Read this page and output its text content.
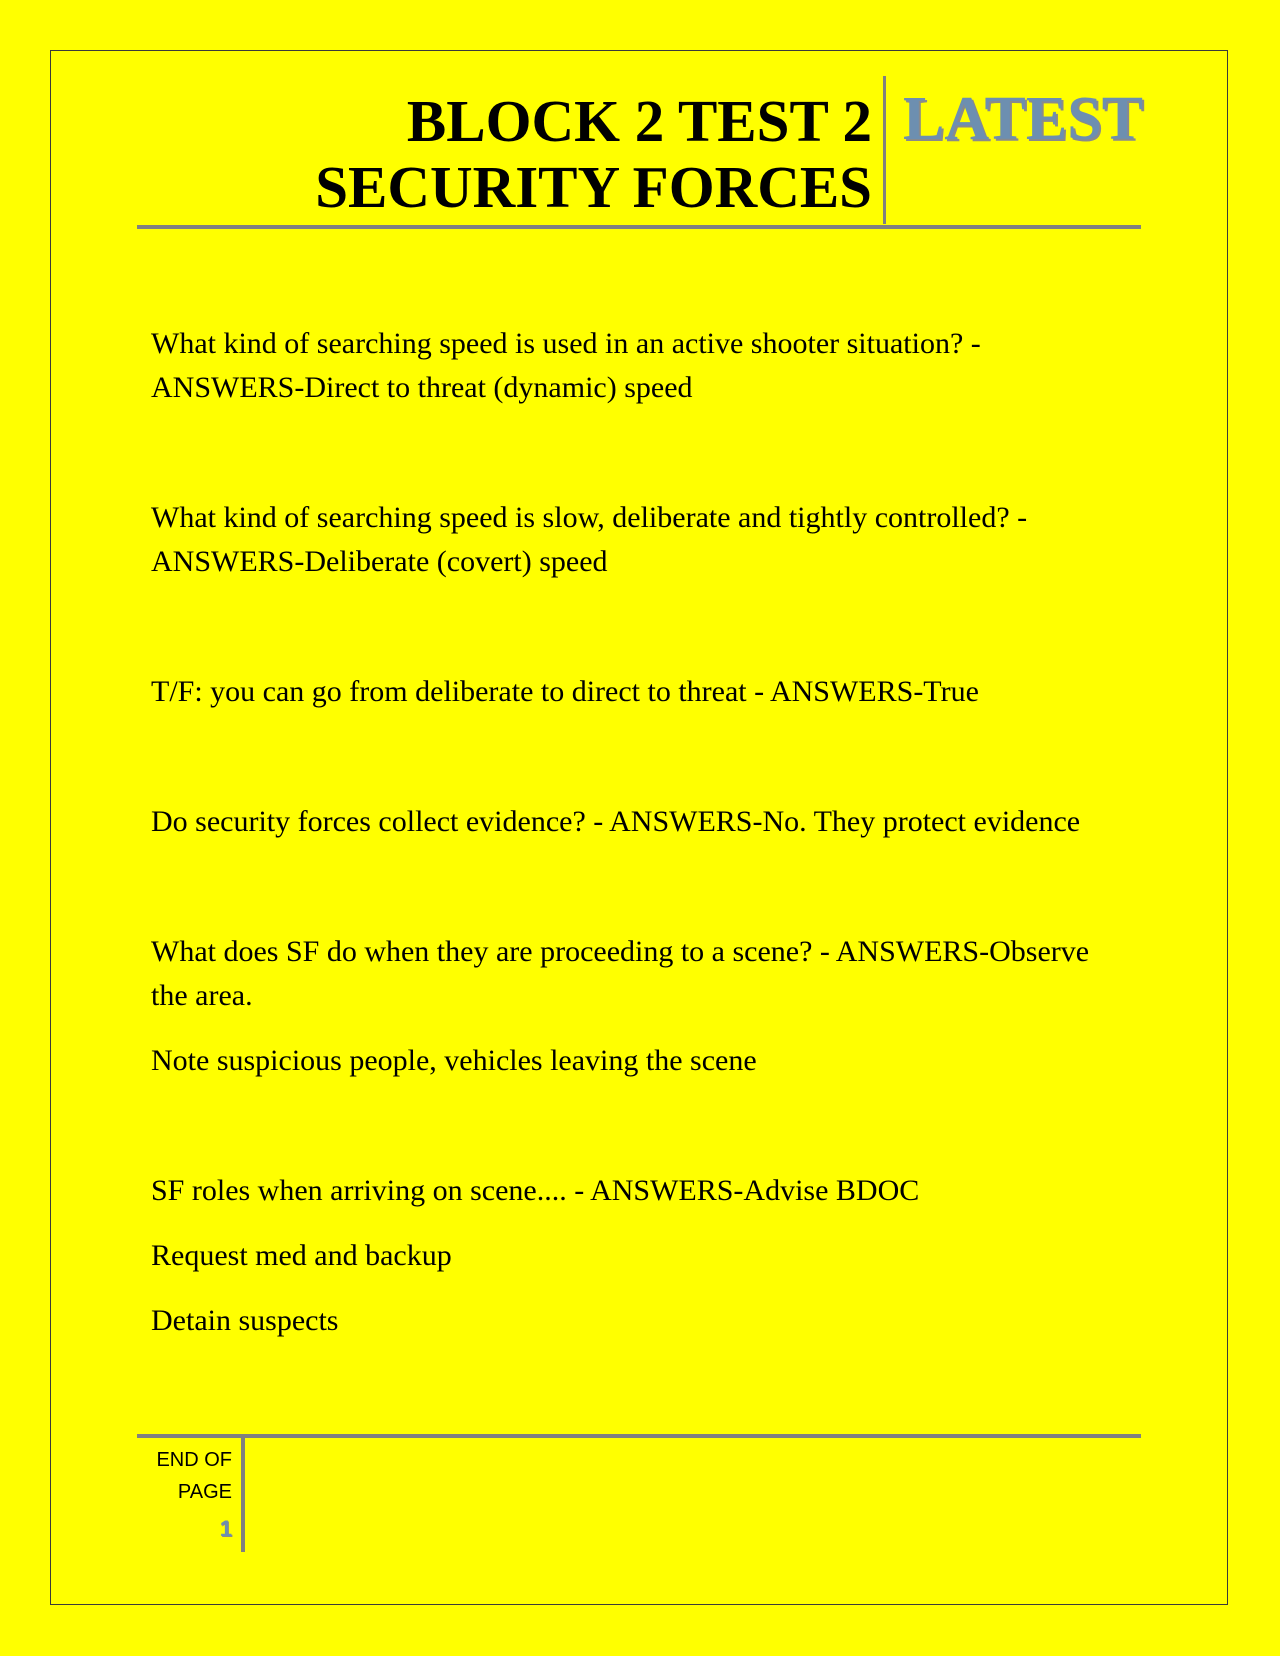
BLOCK 2 TEST 2
SECURITY FORCES
LATEST

What kind of searching speed is used in an active shooter situation? - ANSWERS-Direct to threat (dynamic) speed

What kind of searching speed is slow, deliberate and tightly controlled? - ANSWERS-Deliberate (covert) speed

T/F: you can go from deliberate to direct to threat - ANSWERS-True

Do security forces collect evidence? - ANSWERS-No. They protect evidence

What does SF do when they are proceeding to a scene? - ANSWERS-Observe the area.

Note suspicious people, vehicles leaving the scene

SF roles when arriving on scene.... - ANSWERS-Advise BDOC

Request med and backup

Detain suspects

END OF
PAGE
1
